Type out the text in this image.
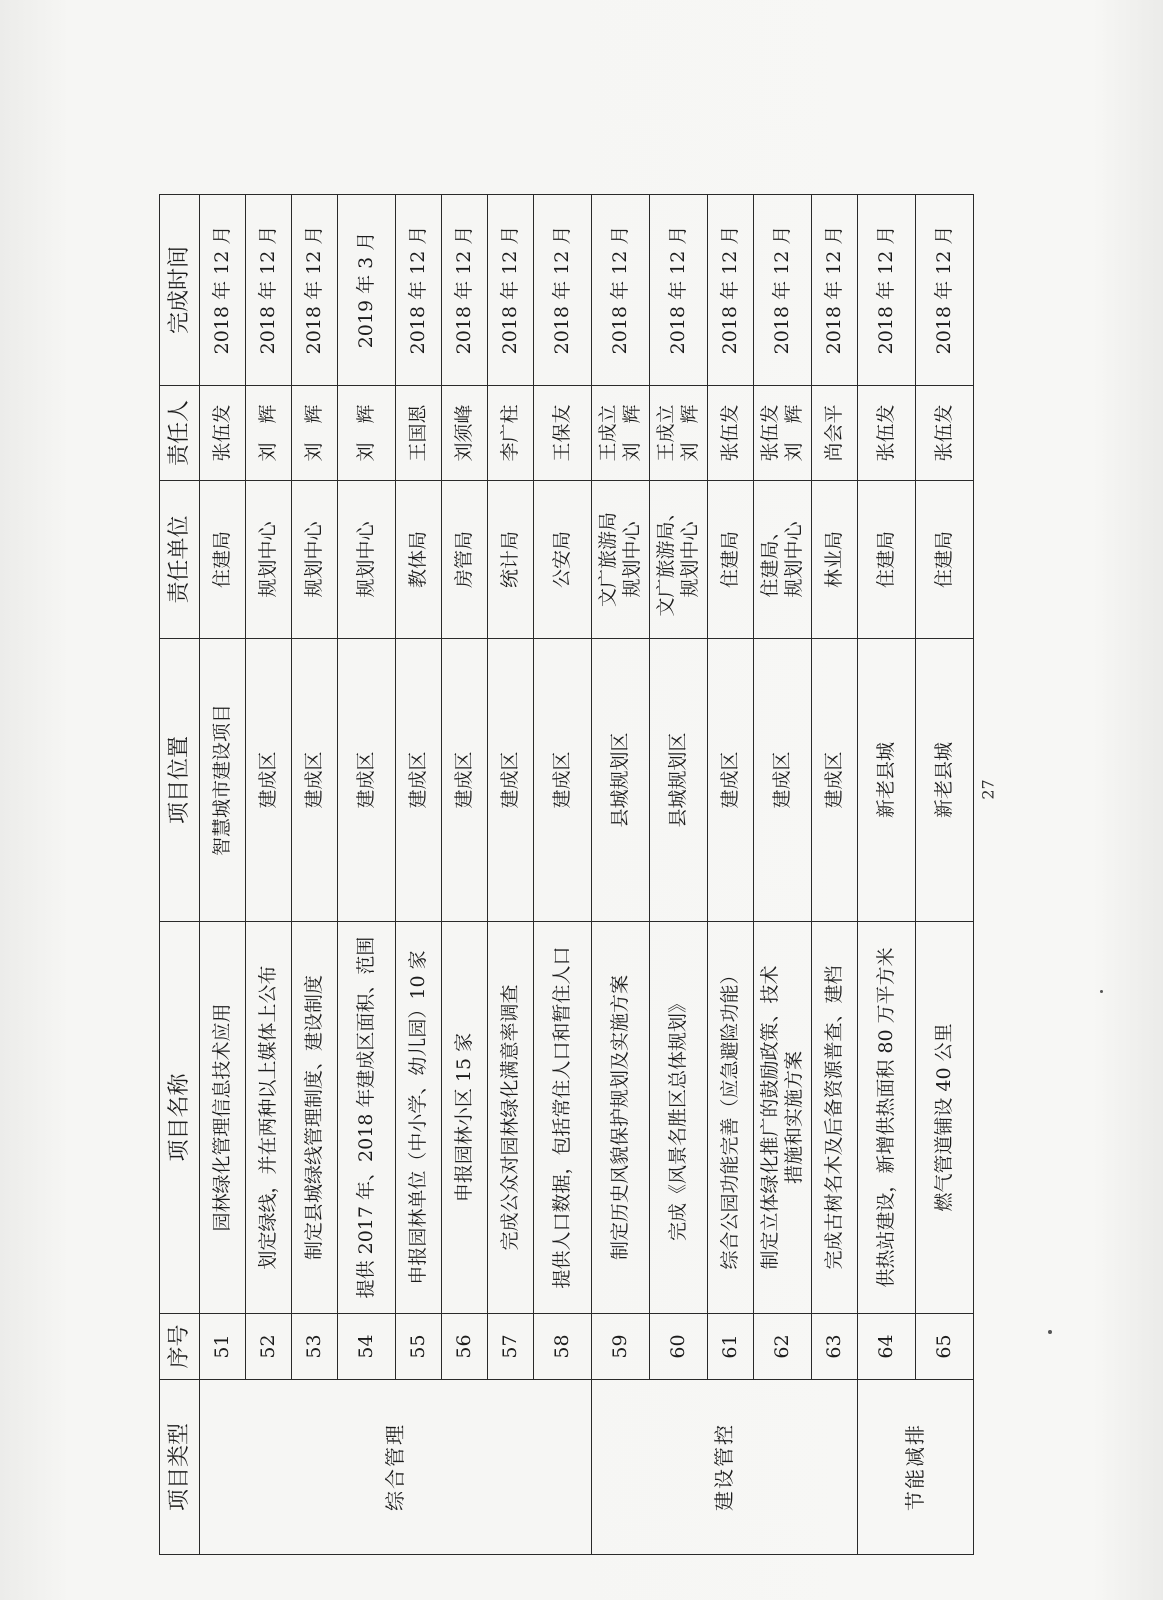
项目类型	序号	项目名称	项目位置	责任单位	责任人	完成时间
综合管理	51	园林绿化管理信息技术应用	智慧城市建设项目	住建局	张伍发	2018 年 12 月
	52	划定绿线，并在两种以上媒体上公布	建成区	规划中心	刘　辉	2018 年 12 月
	53	制定县城绿线管理制度、建设制度	建成区	规划中心	刘　辉	2018 年 12 月
	54	提供 2017 年、2018 年建成区面积、范围	建成区	规划中心	刘　辉	2019 年 3 月
	55	申报园林单位（中小学、幼儿园）10 家	建成区	教体局	王国恩	2018 年 12 月
	56	申报园林小区 15 家	建成区	房管局	刘须峰	2018 年 12 月
	57	完成公众对园林绿化满意率调查	建成区	统计局	李广柱	2018 年 12 月
	58	提供人口数据，包括常住人口和暂住人口	建成区	公安局	王保友	2018 年 12 月
建设管控	59	制定历史风貌保护规划及实施方案	县城规划区	文广旅游局 规划中心	王成立 刘　辉	2018 年 12 月
	60	完成《风景名胜区总体规划》	县城规划区	文广旅游局、 规划中心	王成立 刘　辉	2018 年 12 月
	61	综合公园功能完善（应急避险功能）	建成区	住建局	张伍发	2018 年 12 月
	62	制定立体绿化推广的鼓励政策、技术 措施和实施方案	建成区	住建局、 规划中心	张伍发 刘　辉	2018 年 12 月
	63	完成古树名木及后备资源普查、建档	建成区	林业局	尚会平	2018 年 12 月
节能减排	64	供热站建设，新增供热面积 80 万平方米	新老县城	住建局	张伍发	2018 年 12 月
	65	燃气管道铺设 40 公里	新老县城	住建局	张伍发	2018 年 12 月
27
